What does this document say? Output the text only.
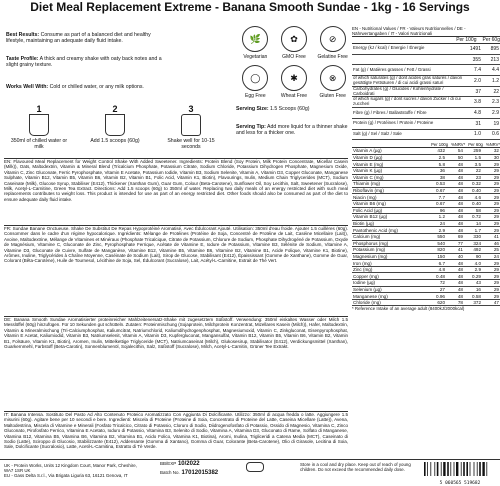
Diet Meal Replacement Extreme - Banana Smooth Sundae - 1kg - 16 Servings
Best Results: Consume as part of a balanced diet and healthy lifestyle, maintaining an adequate daily fluid intake.
Taste Profile: A thick and creamy shake with oaty back notes and a slight grainy texture.
Works Well With: Cold or chilled water, or any milk options.
🌿
Vegetarian
✿
GMO Free
⊘
Gelatine Free
◯
Egg Free
✱
Wheat Free
⊗
Gluten Free
1
350ml of chilled water or milk
2
Add 1.5 scoops (60g)
3
Shake well for 10-15 seconds
Serving Size: 1.5 Scoops (60g)
Serving Tip: Add more liquid for a thinner shake and less for a thicker one.
EN: Flavoured Meal Replacement for Weight Control Shake With Added Sweetener. Ingredients: Protein Blend (Soy Protein, Milk Protein Concentrate, Micellar Casein (Milk)), Oats, Maltodextrin, Vitamin & Mineral Blend (Tricalcium Phosphate, Potassium Citrate, Sodium Chloride, Potassium Dihydrogen Phosphate, Magnesium Oxide, Vitamin C, Zinc Gluconate, Ferric Pyrophosphate, Vitamin E Acetate, Potassium Iodide, Vitamin B3, Sodium Selenite, Vitamin A, Vitamin D3, Copper Gluconate, Manganese Sulphate, Vitamin B12, Vitamin B5, Vitamin B6, Vitamin B2, Vitamin B1, Folic Acid, Vitamin K1, Biotin), Flavourings, Inulin, Medium Chain Triglycerides (MCT), Sodium Caseinate (Milk), Glucose Syrup, Stabiliser (E412), Thickener (Xanthan Gum), Guar Gum, Colour (Beta-Carotene), Sunflower Oil, Soy Lecithin, Salt, Sweetener (Sucralose), Milk, Acetyl-L-Carnitine, Green Tea Extract. Directions: Add 1.5 scoops (60g) to 350ml of water. Replacing two daily meals of an energy restricted diet with such meal replacements contributes to weight loss. This product is intended for use as part of an energy restricted diet. Other foods should also be consumed as part of the diet to ensure adequate daily fluid intake.
FR: Sundae Banane Onctueuse. Shake De Substitut De Repas Hypoprotéiné Aromatisé, Avec Édulcorant Ajouté. Utilisation: 350ml d'eau froide. Ajouter 1.5 cuillères (60g). Consommer dans le cadre d'un régime hypocalorique. Ingrédients: Mélange de Protéines (Protéine de Soja, Concentré de Protéine de Lait, Caséine Micellaire (Lait)), Avoine, Maltodextrine, Mélange de Vitamines et Minéraux (Phosphate Tricalcique, Citrate de Potassium, Chlorure de Sodium, Phosphate Dihydrogéné de Potassium, Oxyde de Magnésium, Vitamine C, Gluconate de Zinc, Pyrophosphate Ferrique, Acétate de Vitamine E, Iodure de Potassium, Vitamine B3, Sélénite de Sodium, Vitamine A, Vitamine D3, Gluconate de Cuivre, Sulfate de Manganèse, Vitamine B12, Vitamine B5, Vitamine B6, Vitamine B2, Vitamine B1, Acide Folique, Vitamine K1, Biotine), Arômes, Inuline, Triglycérides à Chaîne Moyenne, Caséinate de Sodium (Lait), Sirop de Glucose, Stabilisant (E412), Épaississant (Gomme de Xanthane), Gomme de Guar, Colorant (Bêta-Carotène), Huile de Tournesol, Lécithine de Soja, Sel, Édulcorant (Sucralose), Lait, Acétyl-L-Carnitine, Extrait de Thé Vert.
DE: Banana Smooth Sundae Aromatisierter proteinreicher Mahlzeitenersatz-Shake mit zugesetztem Süßstoff. Verwendung: 350ml eiskaltes Wasser oder Milch 1.5 Messlöffel (60g) hinzufügen. Für 10 Sekunden gut schütteln. Zutaten: Proteinmischung (Sojaprotein, Milchprotein Konzentrat, Mizellares Kasein (Milch)), Hafer, Maltodextrin, Vitamin & Mineralmischung (Tri-Calciumphosphat, Kaliumcitrat, Natriumchlorid, Kaliumdihydrogenphosphat, Magnesiumoxid, Vitamin C, Zinkgluconat, Eisenpyrophosphat, Vitamin E Acetat, Kaliumiodid, Vitamin B3, Natriumselenit, Vitamin A, Vitamin D3, Kupfergluconat, Mangansulfat, Vitamin B12, Vitamin B5, Vitamin B6, Vitamin B2, Vitamin B1, Folsäure, Vitamin K1, Biotin), Aromen, Inulin, Mittelkettige Triglyceride (MCT), Natriumcaseinat (Milch), Glukosesirup, Stabilisator (E412), Verdickungsmittel (Xanthan), Guarkernmehl, Farbstoff (Beta-Carotin), Sonnenblumenöl, Sojalecithin, Salz, Süßstoff (Sucralose), Milch, Acetyl-L-Carnitin, Grüner Tee Extrakt.
IT: Banana Intensa. Sostituto Del Pasto Ad Alto Contenuto Proteico Aromatizzato Con Aggiunta Di Dolcificante. Utilizzo: 350ml di acqua fredda o latte. Aggiungere 1.5 misurini (60g). Agitare bene per 10 secondi e bere. Ingredienti: Miscela di Proteine (Proteine di Soia, Concentrato di Proteine del Latte, Caseina Micellare (Latte)), Avena, Maltodestrina, Miscela di Vitamine e Minerali (Fosfato Tricalcico, Citrato di Potassio, Cloruro di Sodio, Diidrogenofosfato di Potassio, Ossido di Magnesio, Vitamina C, Zinco Gluconato, Pirofosfato Ferrico, Vitamina E Acetato, Ioduro di Potassio, Vitamina B3, Selenito di Sodio, Vitamina A, Vitamina D3, Gluconato di Rame, Solfato di Manganese, Vitamina B12, Vitamina B5, Vitamina B6, Vitamina B2, Vitamina B1, Acido Folico, Vitamina K1, Biotina), Aromi, Inulina, Trigliceridi a Catena Media (MCT), Caseinato di Sodio (Latte), Sciroppo di Glucosio, Stabilizzante (E412), Addensante (Gomma di Xantano), Gomma di Guar, Colorante (Beta-Carotene), Olio di Girasole, Lecitina di Soia, Sale, Dolcificante (Sucralosio), Latte, Acetil-L-Carnitina, Estratto di Tè Verde.
EN - Nutritional Values / FR - Valeurs Nutritionnelles / DE - Nährwertangaben / IT - Valori Nutrizionali
Per 100g Per 60g
Energy (kJ / kcal) / Energie / Énergie	1491	895
	355	213
Fat (g) / Matières grasses / Fett / Grassi	7.4	4.4
of which saturates (g) / dont acides gras saturés / davon gesättigte Fettsäuren / di cui acidi grassi saturi	2.0	1.2
Carbohydrates (g) / Glucides / Kohlenhydrate / Carboidrati	37	22
of which sugars (g) / dont sucres / davon Zucker / di cui zuccheri	3.8	2.3
Fibre (g) / Fibres / Ballaststoffe / Fibre	4.8	2.9
Protein (g) / Protéines / Protein / Proteine	31	19
Salt (g) / Sel / Salz / Sale	1.0	0.6
Per 100g %NRV* Per 60g %NRV*
Vitamin A (µg)	432	54	259	32
Vitamin D (µg)	2.5	50	1.5	30
Vitamin E (mg)	5.8	48	3.5	29
Vitamin K (µg)	36	48	22	29
Vitamin C (mg)	38	48	23	29
Thiamin (mg)	0.53	48	0.32	29
Riboflavin (mg)	0.67	48	0.40	29
Niacin (mg)	7.7	48	4.6	29
Vitamin B6 (mg)	0.67	48	0.40	29
Folic Acid (µg)	96	48	58	29
Vitamin B12 (µg)	1.2	48	0.72	29
Biotin (µg)	24	48	14	29
Pantothenic Acid (mg)	2.9	48	1.7	29
Calcium (mg)	550	69	330	41
Phosphorus (mg)	540	77	324	46
Potassium (mg)	820	41	492	25
Magnesium (mg)	150	40	90	24
Iron (mg)	6.7	48	4.0	29
Zinc (mg)	4.8	48	2.9	29
Copper (mg)	0.48	48	0.29	29
Iodine (µg)	72	48	43	29
Selenium (µg)	27	48	16	29
Manganese (mg)	0.96	48	0.58	29
Chloride (mg)	620	78	372	47
* Reference Intake of an average adult (8400kJ/2000kcal)
UK - Protein Works, Units 12 Kingdom Court, Manor Park, Cheshire, WA7 1SR UK
EU - Gass Delta S.r.l., Via Brigata Liguria 63, 16121 Genova, IT
BB/EXP 10/2022
Batch No. 17012015382
Store in a cool and dry place. Keep out of reach of young children. Do not exceed the recommended daily dose.
5 060565 519682
